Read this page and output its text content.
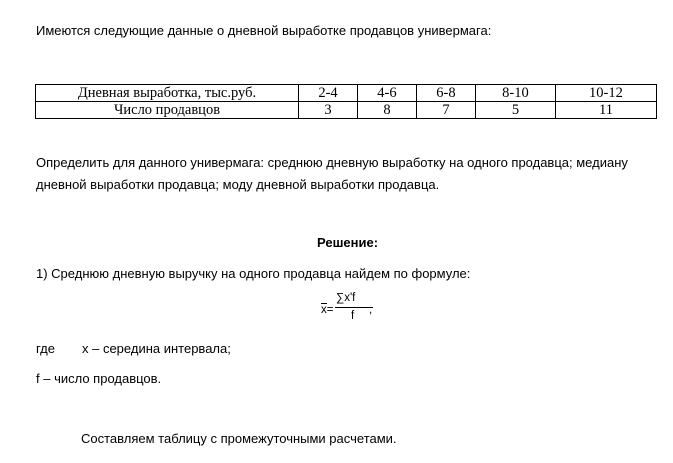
Имеются следующие данные о дневной выработке продавцов универмага:
Дневная выработка, тыс.руб.	2-4	4-6	6-8	8-10	10-12
Число продавцов	3	8	7	5	11
Определить для данного универмага: среднюю дневную выработку на одного продавца; медиану
дневной выработки продавца; моду дневной выработки продавца.
Решение:
1) Среднюю дневную выручку на одного продавца найдем по формуле:
x=
∑x'f
f ,
где x – середина интервала;
f – число продавцов.
Составляем таблицу с промежуточными расчетами.
